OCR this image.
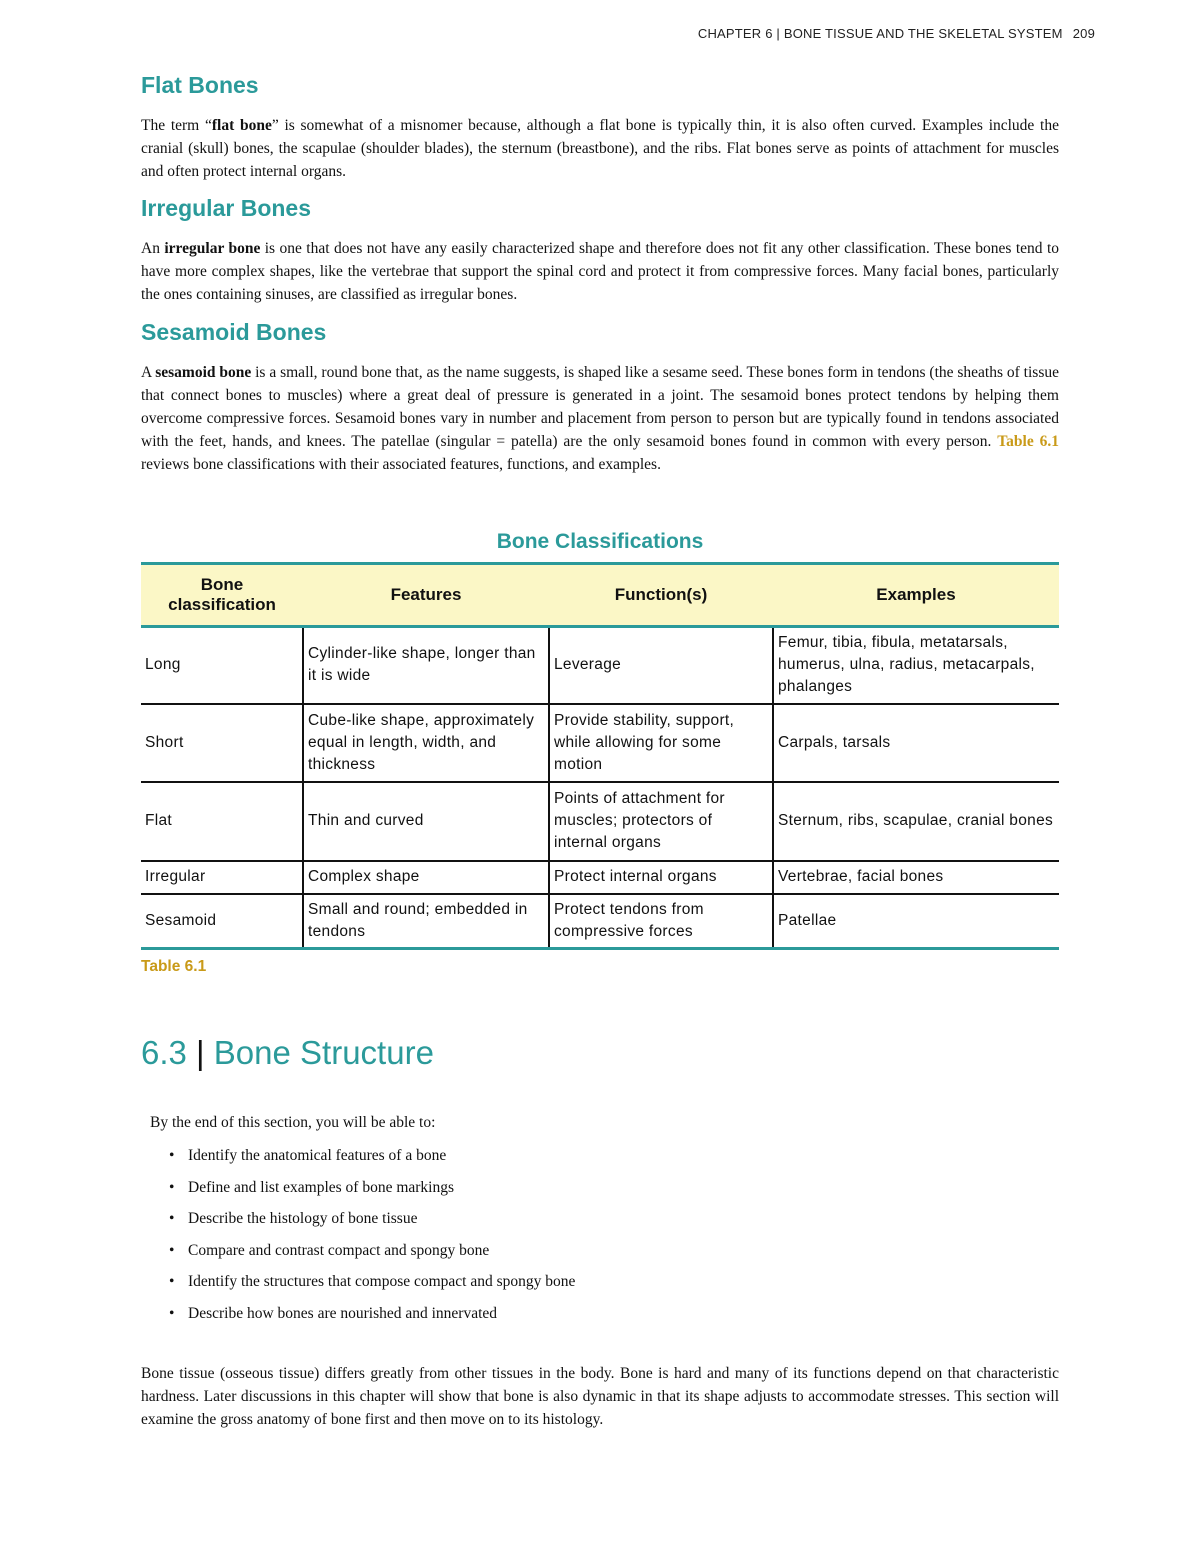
CHAPTER 6 | BONE TISSUE AND THE SKELETAL SYSTEM 209
Flat Bones

The term “flat bone” is somewhat of a misnomer because, although a flat bone is typically thin, it is also often curved. Examples include the cranial (skull) bones, the scapulae (shoulder blades), the sternum (breastbone), and the ribs. Flat bones serve as points of attachment for muscles and often protect internal organs.

Irregular Bones

An irregular bone is one that does not have any easily characterized shape and therefore does not fit any other classification. These bones tend to have more complex shapes, like the vertebrae that support the spinal cord and protect it from compressive forces. Many facial bones, particularly the ones containing sinuses, are classified as irregular bones.

Sesamoid Bones

A sesamoid bone is a small, round bone that, as the name suggests, is shaped like a sesame seed. These bones form in tendons (the sheaths of tissue that connect bones to muscles) where a great deal of pressure is generated in a joint. The sesamoid bones protect tendons by helping them overcome compressive forces. Sesamoid bones vary in number and placement from person to person but are typically found in tendons associated with the feet, hands, and knees. The patellae (singular = patella) are the only sesamoid bones found in common with every person. Table 6.1 reviews bone classifications with their associated features, functions, and examples.

Bone Classifications
Bone classification	Features	Function(s)	Examples
Long	Cylinder-like shape, longer than it is wide	Leverage	Femur, tibia, fibula, metatarsals, humerus, ulna, radius, metacarpals, phalanges
Short	Cube-like shape, approximately equal in length, width, and thickness	Provide stability, support, while allowing for some motion	Carpals, tarsals
Flat	Thin and curved	Points of attachment for muscles; protectors of internal organs	Sternum, ribs, scapulae, cranial bones
Irregular	Complex shape	Protect internal organs	Vertebrae, facial bones
Sesamoid	Small and round; embedded in tendons	Protect tendons from compressive forces	Patellae
Table 6.1
6.3 | Bone Structure
By the end of this section, you will be able to:
• Identify the anatomical features of a bone
• Define and list examples of bone markings
• Describe the histology of bone tissue
• Compare and contrast compact and spongy bone
• Identify the structures that compose compact and spongy bone
• Describe how bones are nourished and innervated

Bone tissue (osseous tissue) differs greatly from other tissues in the body. Bone is hard and many of its functions depend on that characteristic hardness. Later discussions in this chapter will show that bone is also dynamic in that its shape adjusts to accommodate stresses. This section will examine the gross anatomy of bone first and then move on to its histology.
